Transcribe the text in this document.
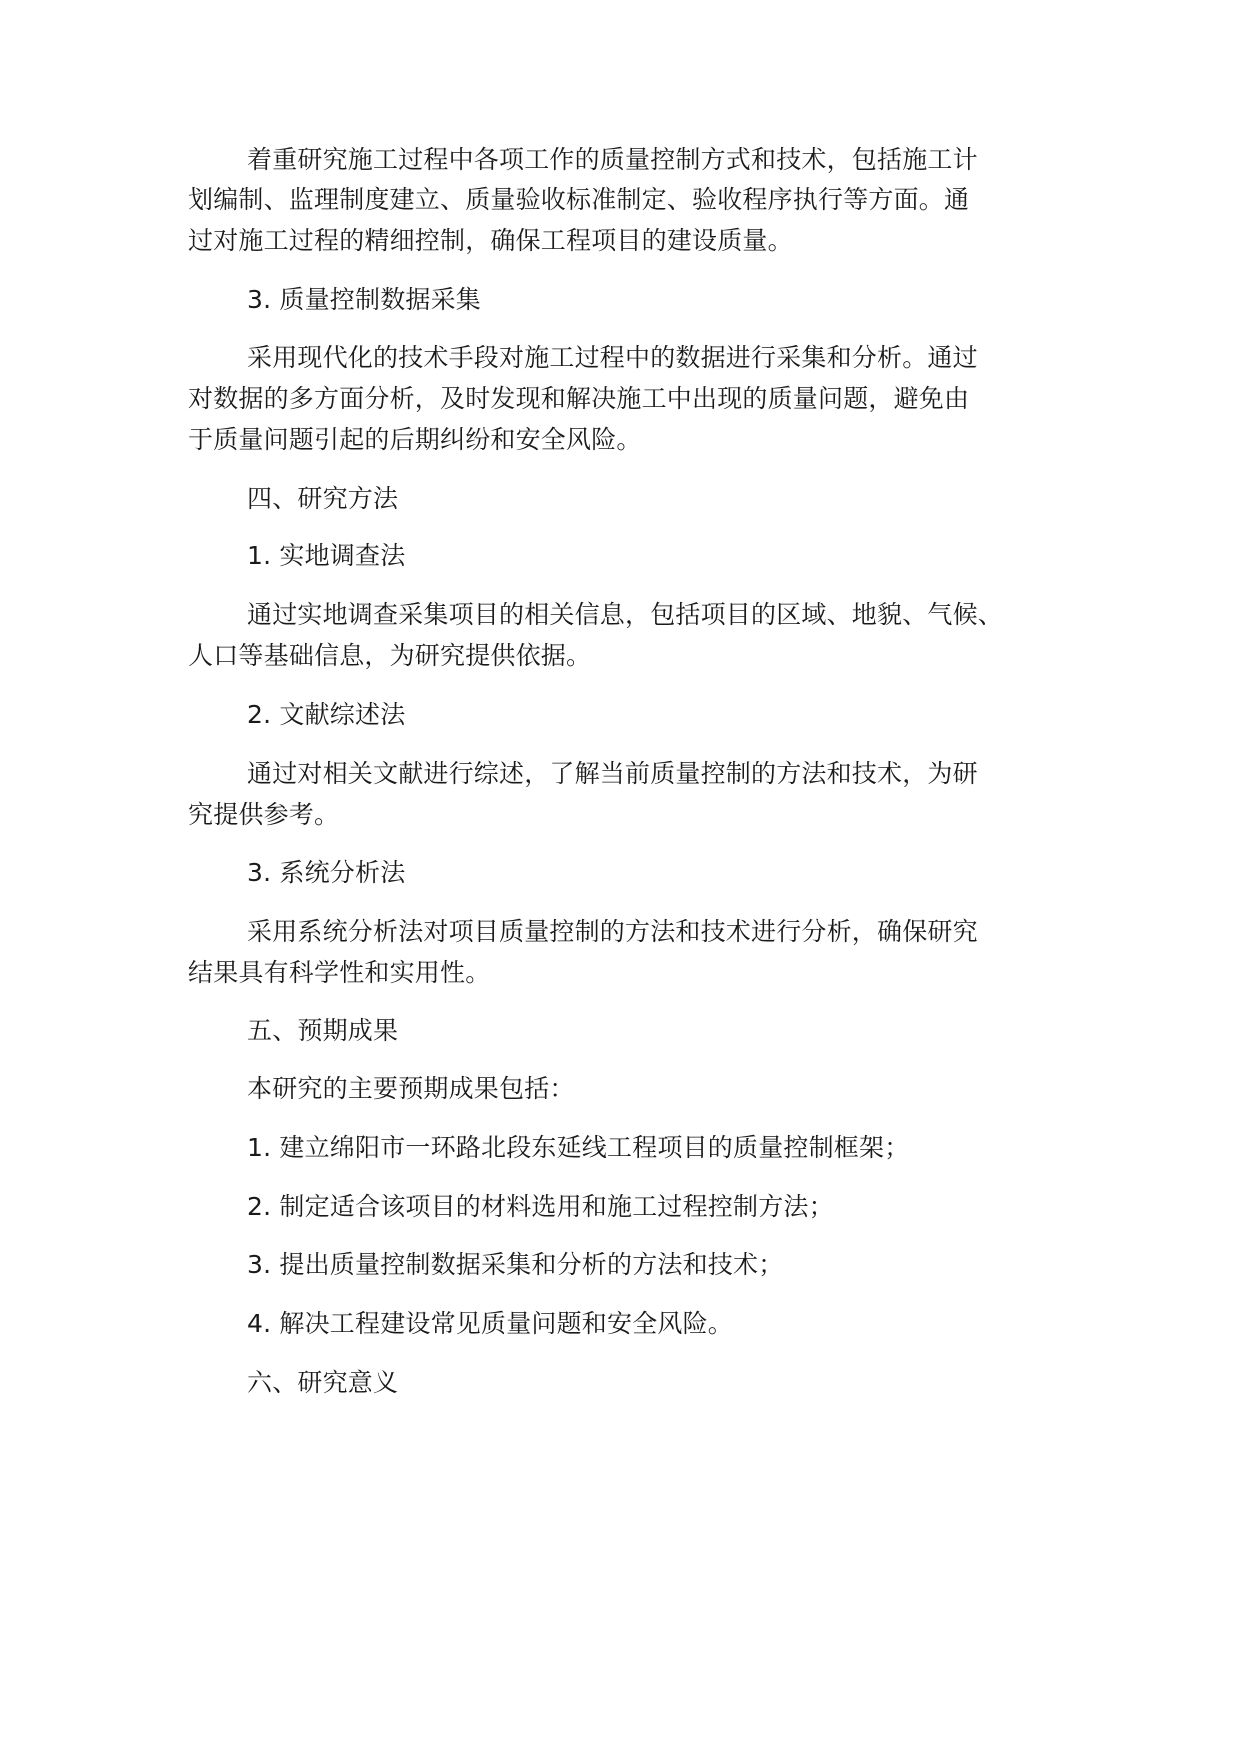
着重研究施工过程中各项工作的质量控制方式和技术，包括施工计

划编制、监理制度建立、质量验收标准制定、验收程序执行等方面。通

过对施工过程的精细控制，确保工程项目的建设质量。

3. 质量控制数据采集

采用现代化的技术手段对施工过程中的数据进行采集和分析。通过

对数据的多方面分析，及时发现和解决施工中出现的质量问题，避免由

于质量问题引起的后期纠纷和安全风险。

四、研究方法

1. 实地调查法

通过实地调查采集项目的相关信息，包括项目的区域、地貌、气候、

人口等基础信息，为研究提供依据。

2. 文献综述法

通过对相关文献进行综述，了解当前质量控制的方法和技术，为研

究提供参考。

3. 系统分析法

采用系统分析法对项目质量控制的方法和技术进行分析，确保研究

结果具有科学性和实用性。

五、预期成果

本研究的主要预期成果包括：

1. 建立绵阳市一环路北段东延线工程项目的质量控制框架；

2. 制定适合该项目的材料选用和施工过程控制方法；

3. 提出质量控制数据采集和分析的方法和技术；

4. 解决工程建设常见质量问题和安全风险。

六、研究意义
